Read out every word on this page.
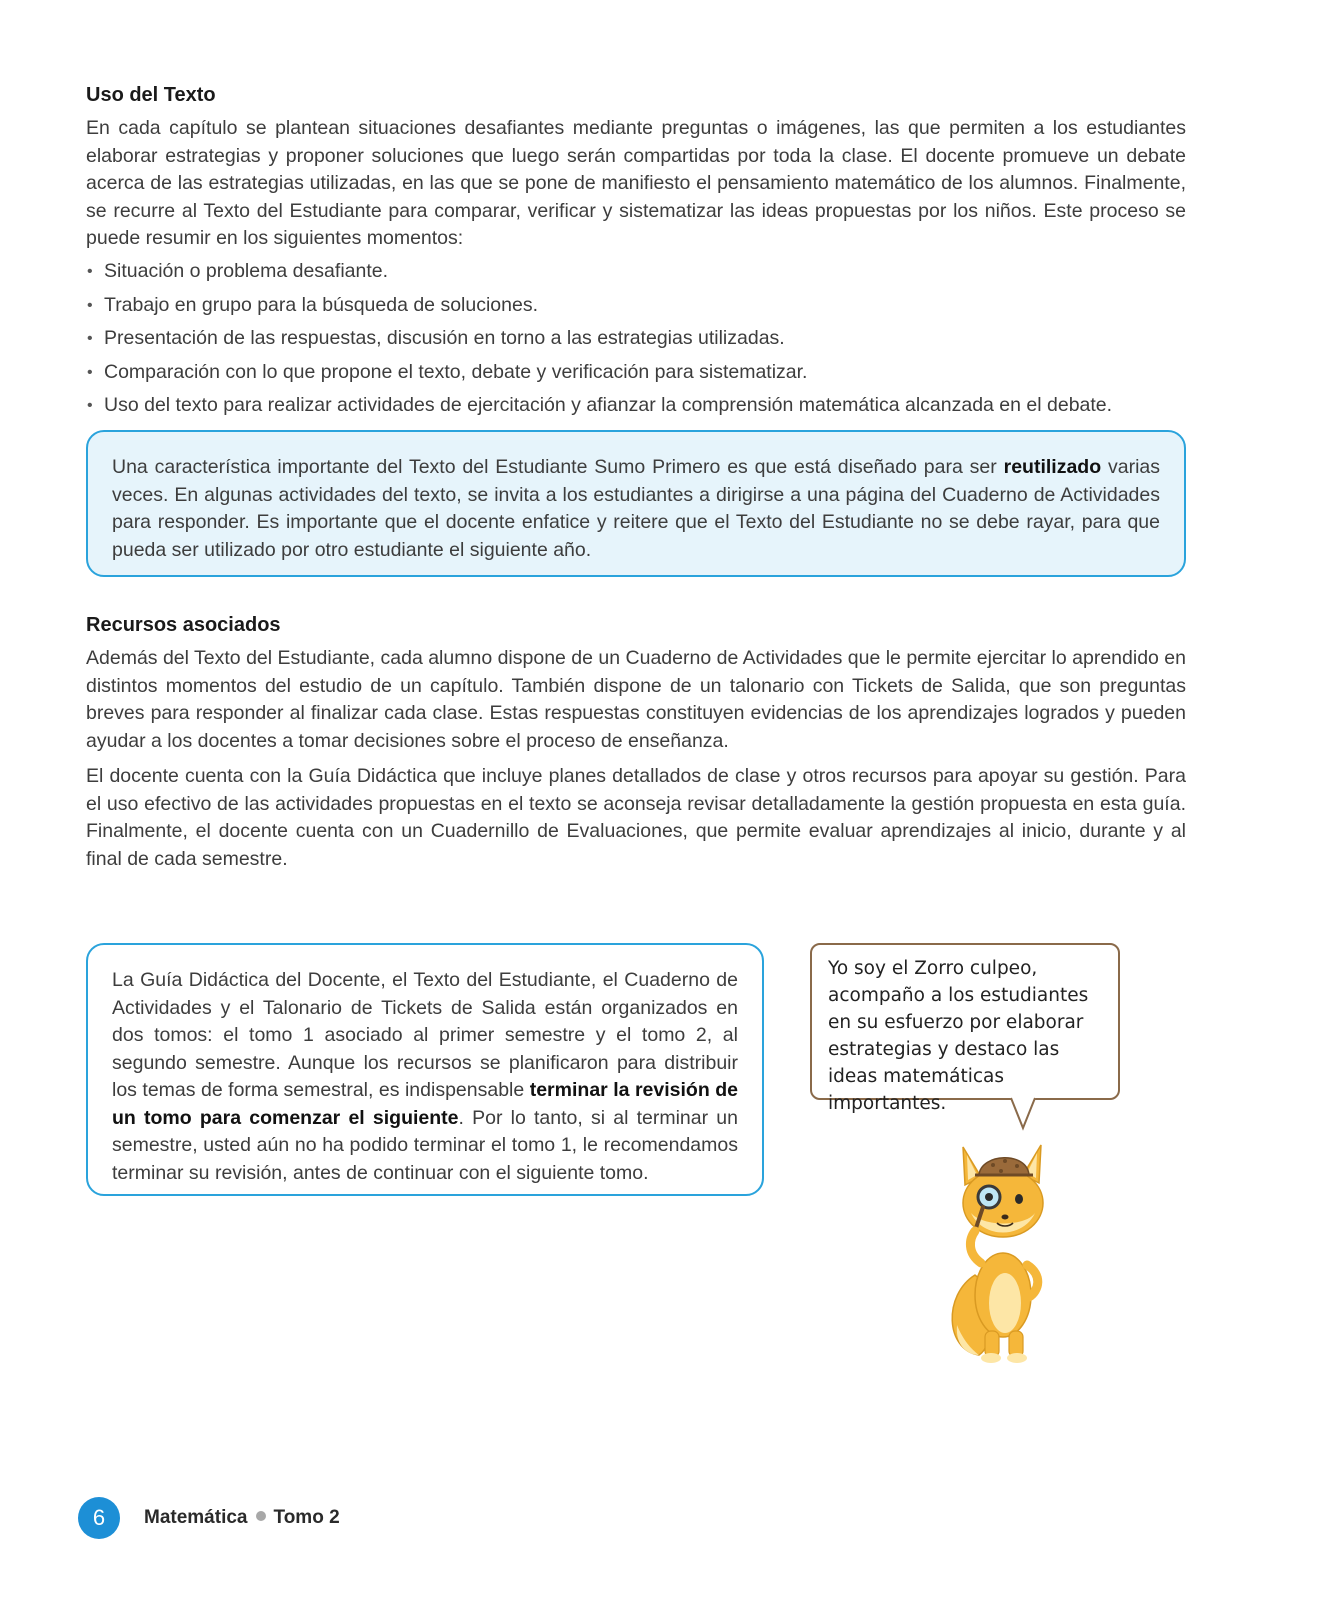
Uso del Texto

En cada capítulo se plantean situaciones desafiantes mediante preguntas o imágenes, las que permiten a los estudiantes elaborar estrategias y proponer soluciones que luego serán compartidas por toda la clase. El docente promueve un debate acerca de las estrategias utilizadas, en las que se pone de manifiesto el pensamiento matemático de los alumnos. Finalmente, se recurre al Texto del Estudiante para comparar, verificar y sistematizar las ideas propuestas por los niños. Este proceso se puede resumir en los siguientes momentos:

• Situación o problema desafiante.
• Trabajo en grupo para la búsqueda de soluciones.
• Presentación de las respuestas, discusión en torno a las estrategias utilizadas.
• Comparación con lo que propone el texto, debate y verificación para sistematizar.
• Uso del texto para realizar actividades de ejercitación y afianzar la comprensión matemática alcanzada en el debate.

Una característica importante del Texto del Estudiante Sumo Primero es que está diseñado para ser reutilizado varias veces. En algunas actividades del texto, se invita a los estudiantes a dirigirse a una página del Cuaderno de Actividades para responder. Es importante que el docente enfatice y reitere que el Texto del Estudiante no se debe rayar, para que pueda ser utilizado por otro estudiante el siguiente año.

Recursos asociados

Además del Texto del Estudiante, cada alumno dispone de un Cuaderno de Actividades que le permite ejercitar lo aprendido en distintos momentos del estudio de un capítulo. También dispone de un talonario con Tickets de Salida, que son preguntas breves para responder al finalizar cada clase. Estas respuestas constituyen evidencias de los aprendizajes logrados y pueden ayudar a los docentes a tomar decisiones sobre el proceso de enseñanza.

El docente cuenta con la Guía Didáctica que incluye planes detallados de clase y otros recursos para apoyar su gestión. Para el uso efectivo de las actividades propuestas en el texto se aconseja revisar detalladamente la gestión propuesta en esta guía. Finalmente, el docente cuenta con un Cuadernillo de Evaluaciones, que permite evaluar aprendizajes al inicio, durante y al final de cada semestre.

La Guía Didáctica del Docente, el Texto del Estudiante, el Cuaderno de Actividades y el Talonario de Tickets de Salida están organizados en dos tomos: el tomo 1 asociado al primer semestre y el tomo 2, al segundo semestre. Aunque los recursos se planificaron para distribuir los temas de forma semestral, es indispensable terminar la revisión de un tomo para comenzar el siguiente. Por lo tanto, si al terminar un semestre, usted aún no ha podido terminar el tomo 1, le recomendamos terminar su revisión, antes de continuar con el siguiente tomo.

Yo soy el Zorro culpeo, acompaño a los estudiantes en su esfuerzo por elaborar estrategias y destaco las ideas matemáticas importantes.

6	Matemática Tomo 2
